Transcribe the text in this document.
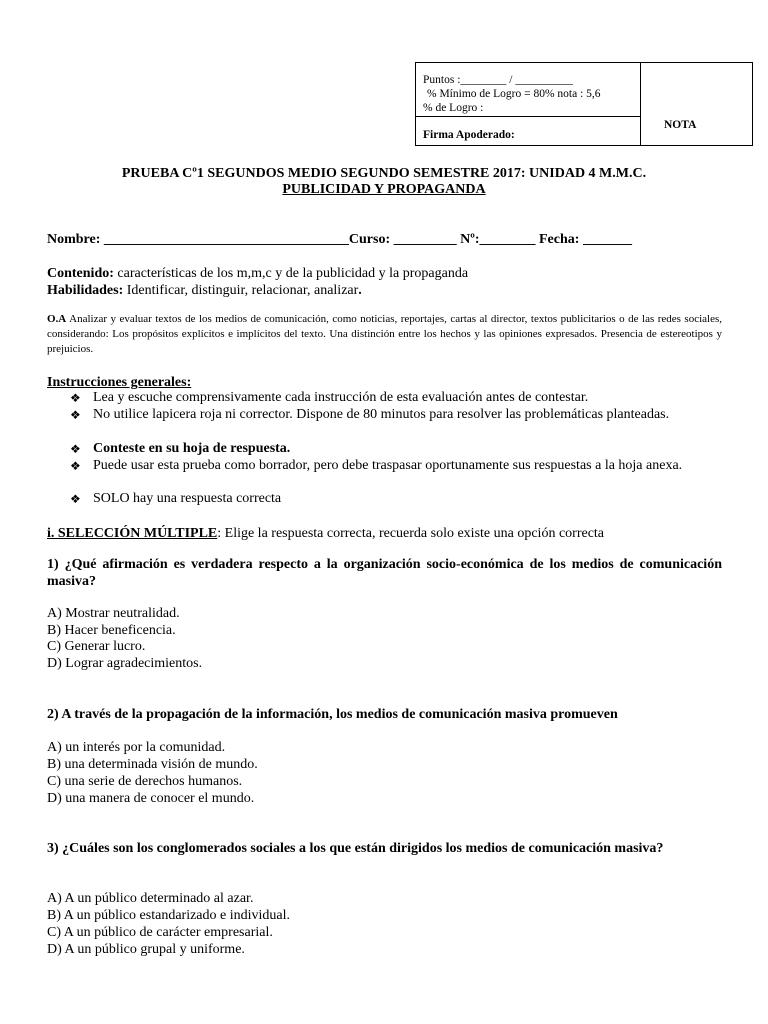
Puntos :________ / __________
% Mínimo de Logro = 80% nota : 5,6
% de Logro :
Firma Apoderado:
NOTA
PRUEBA Cº1 SEGUNDOS MEDIO SEGUNDO SEMESTRE 2017: UNIDAD 4 M.M.C.
PUBLICIDAD Y PROPAGANDA
Nombre: ___________________________________Curso: _________ Nº:________ Fecha: _______
Contenido: características de los m,m,c y de la publicidad y la propaganda
Habilidades: Identificar, distinguir, relacionar, analizar.
O.A Analizar y evaluar textos de los medios de comunicación, como noticias, reportajes, cartas al director, textos publicitarios o de las redes sociales, considerando: Los propósitos explícitos e implícitos del texto. Una distinción entre los hechos y las opiniones expresados. Presencia de estereotipos y prejuicios.
Instrucciones generales:
❖ Lea y escuche comprensivamente cada instrucción de esta evaluación antes de contestar.
❖ No utilice lapicera roja ni corrector. Dispone de 80 minutos para resolver las problemáticas planteadas.
❖ Conteste en su hoja de respuesta.
❖ Puede usar esta prueba como borrador, pero debe traspasar oportunamente sus respuestas a la hoja anexa.
❖ SOLO hay una respuesta correcta
i. SELECCIÓN MÚLTIPLE: Elige la respuesta correcta, recuerda solo existe una opción correcta
1) ¿Qué afirmación es verdadera respecto a la organización socio-económica de los medios de comunicación masiva?
A) Mostrar neutralidad.
B) Hacer beneficencia.
C) Generar lucro.
D) Lograr agradecimientos.
2) A través de la propagación de la información, los medios de comunicación masiva promueven
A) un interés por la comunidad.
B) una determinada visión de mundo.
C) una serie de derechos humanos.
D) una manera de conocer el mundo.
3) ¿Cuáles son los conglomerados sociales a los que están dirigidos los medios de comunicación masiva?
A) A un público determinado al azar.
B) A un público estandarizado e individual.
C) A un público de carácter empresarial.
D) A un público grupal y uniforme.
